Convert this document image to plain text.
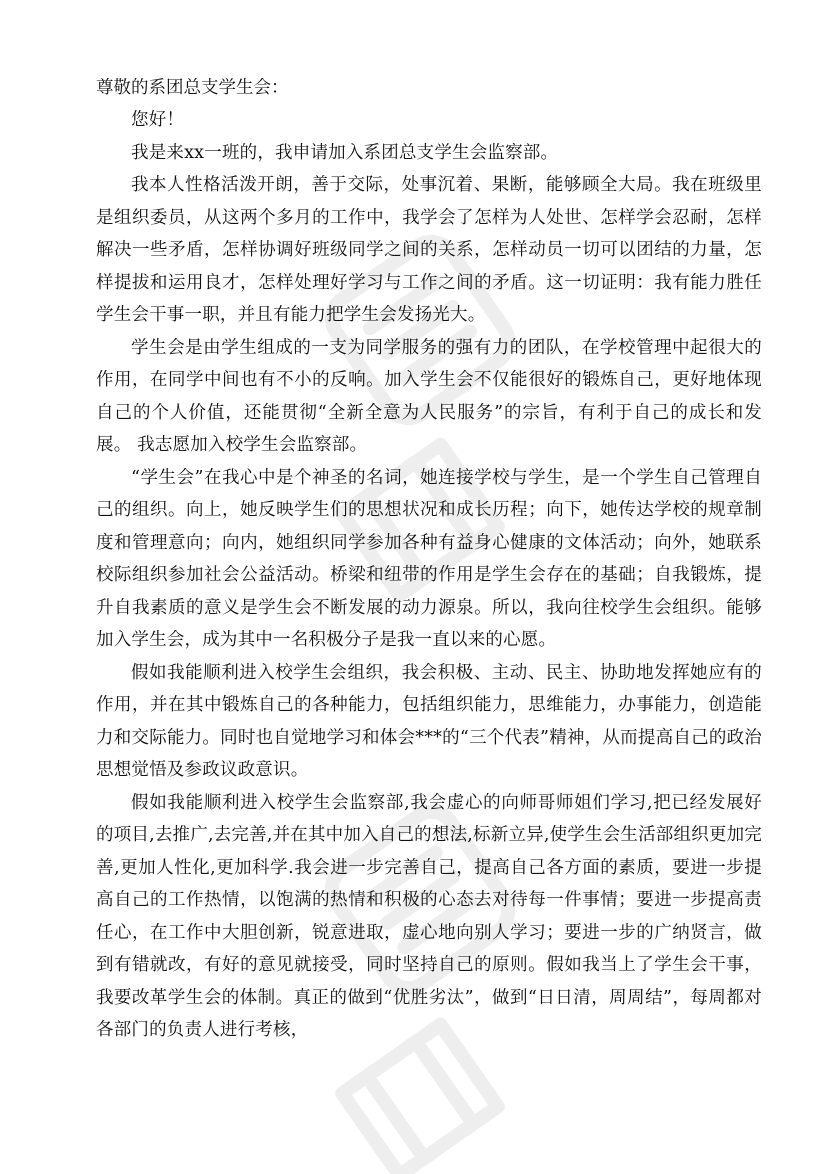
尊敬的系团总支学生会：

您好！

我是来xx一班的，我申请加入系团总支学生会监察部。

我本人性格活泼开朗，善于交际，处事沉着、果断，能够顾全大局。我在班级里是组织委员，从这两个多月的工作中，我学会了怎样为人处世、怎样学会忍耐，怎样解决一些矛盾，怎样协调好班级同学之间的关系，怎样动员一切可以团结的力量，怎样提拔和运用良才，怎样处理好学习与工作之间的矛盾。这一切证明：我有能力胜任学生会干事一职，并且有能力把学生会发扬光大。

学生会是由学生组成的一支为同学服务的强有力的团队，在学校管理中起很大的作用，在同学中间也有不小的反响。加入学生会不仅能很好的锻炼自己，更好地体现自己的个人价值，还能贯彻“全新全意为人民服务”的宗旨，有利于自己的成长和发展。 我志愿加入校学生会监察部。

“学生会”在我心中是个神圣的名词，她连接学校与学生，是一个学生自己管理自己的组织。向上，她反映学生们的思想状况和成长历程；向下，她传达学校的规章制度和管理意向；向内，她组织同学参加各种有益身心健康的文体活动；向外，她联系校际组织参加社会公益活动。桥梁和纽带的作用是学生会存在的基础；自我锻炼，提升自我素质的意义是学生会不断发展的动力源泉。所以，我向往校学生会组织。能够加入学生会，成为其中一名积极分子是我一直以来的心愿。

假如我能顺利进入校学生会组织，我会积极、主动、民主、协助地发挥她应有的作用，并在其中锻炼自己的各种能力，包括组织能力，思维能力，办事能力，创造能力和交际能力。同时也自觉地学习和体会***的“三个代表”精神，从而提高自己的政治思想觉悟及参政议政意识。

假如我能顺利进入校学生会监察部,我会虚心的向师哥师姐们学习,把已经发展好的项目,去推广,去完善,并在其中加入自己的想法,标新立异,使学生会生活部组织更加完善,更加人性化,更加科学.我会进一步完善自己，提高自己各方面的素质，要进一步提高自己的工作热情，以饱满的热情和积极的心态去对待每一件事情；要进一步提高责任心，在工作中大胆创新，锐意进取，虚心地向别人学习；要进一步的广纳贤言，做到有错就改，有好的意见就接受，同时坚持自己的原则。假如我当上了学生会干事，我要改革学生会的体制。真正的做到“优胜劣汰”，做到“日日清，周周结”，每周都对各部门的负责人进行考核，
